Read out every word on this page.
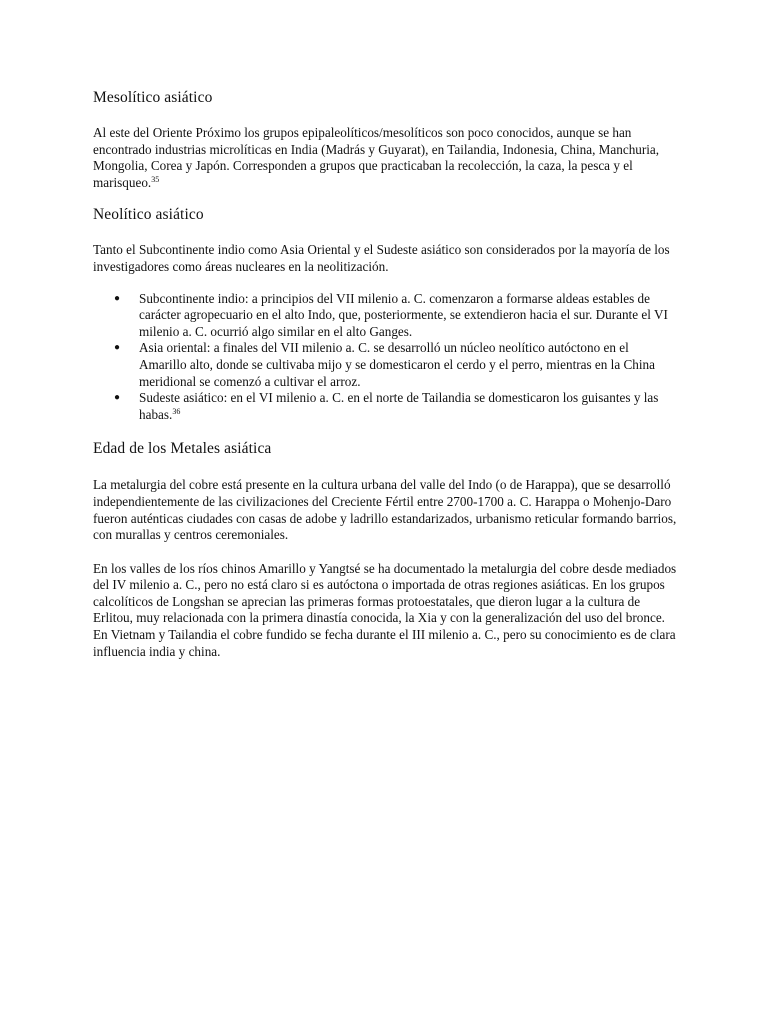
Mesolítico asiático

Al este del Oriente Próximo los grupos epipaleolíticos/mesolíticos son poco conocidos, aunque se han encontrado industrias microlíticas en India (Madrás y Guyarat), en Tailandia, Indonesia, China, Manchuria, Mongolia, Corea y Japón. Corresponden a grupos que practicaban la recolección, la caza, la pesca y el marisqueo.$^{35}$

Neolítico asiático

Tanto el Subcontinente indio como Asia Oriental y el Sudeste asiático son considerados por la mayoría de los investigadores como áreas nucleares en la neolitización.

● Subcontinente indio: a principios del VII milenio a. C. comenzaron a formarse aldeas estables de carácter agropecuario en el alto Indo, que, posteriormente, se extendieron hacia el sur. Durante el VI milenio a. C. ocurrió algo similar en el alto Ganges.
● Asia oriental: a finales del VII milenio a. C. se desarrolló un núcleo neolítico autóctono en el Amarillo alto, donde se cultivaba mijo y se domesticaron el cerdo y el perro, mientras en la China meridional se comenzó a cultivar el arroz.
● Sudeste asiático: en el VI milenio a. C. en el norte de Tailandia se domesticaron los guisantes y las habas.$^{36}$
Edad de los Metales asiática

La metalurgia del cobre está presente en la cultura urbana del valle del Indo (o de Harappa), que se desarrolló independientemente de las civilizaciones del Creciente Fértil entre 2700-1700 a. C. Harappa o Mohenjo-Daro fueron auténticas ciudades con casas de adobe y ladrillo estandarizados, urbanismo reticular formando barrios, con murallas y centros ceremoniales.

En los valles de los ríos chinos Amarillo y Yangtsé se ha documentado la metalurgia del cobre desde mediados del IV milenio a. C., pero no está claro si es autóctona o importada de otras regiones asiáticas. En los grupos calcolíticos de Longshan se aprecian las primeras formas protoestatales, que dieron lugar a la cultura de Erlitou, muy relacionada con la primera dinastía conocida, la Xia y con la generalización del uso del bronce. En Vietnam y Tailandia el cobre fundido se fecha durante el III milenio a. C., pero su conocimiento es de clara influencia india y china.
